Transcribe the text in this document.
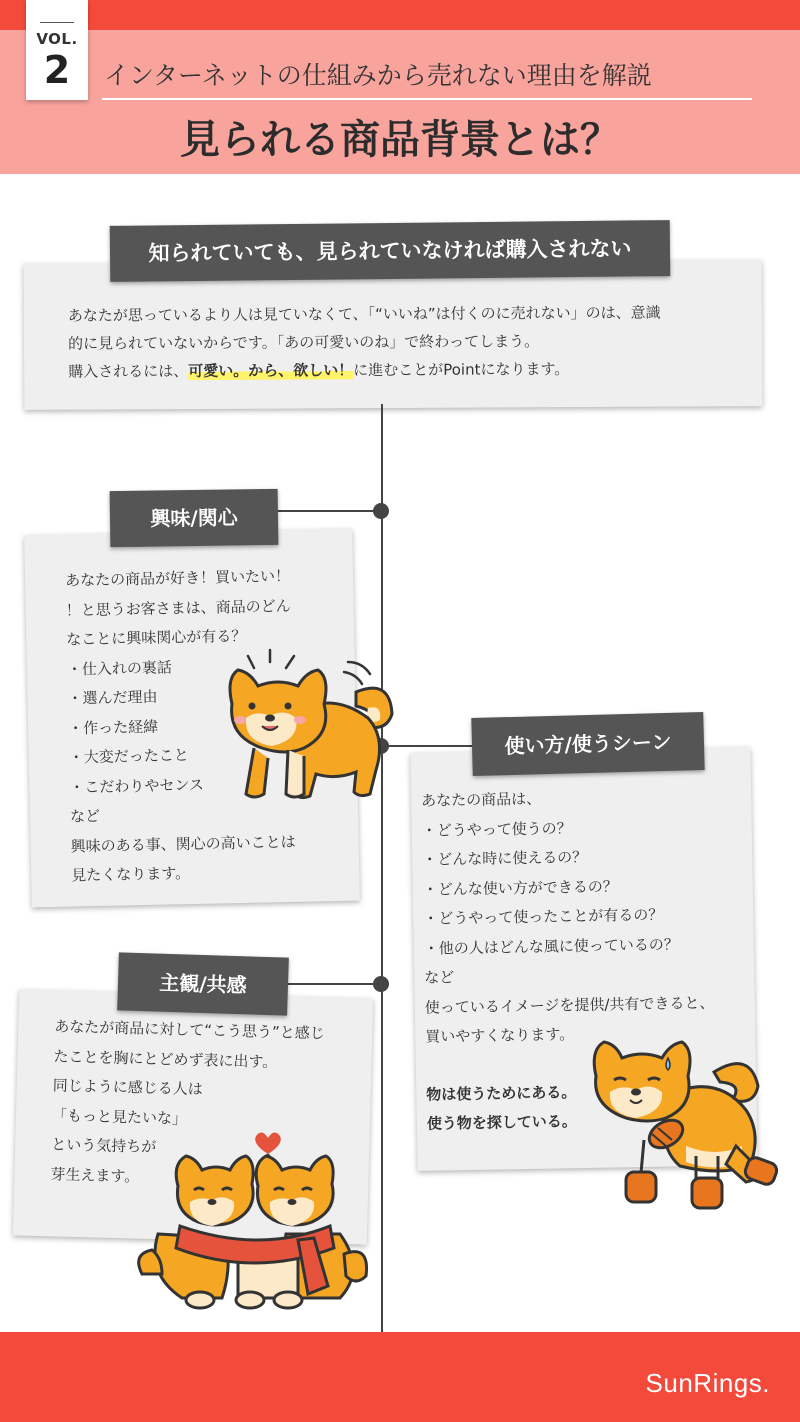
VOL.
2	インターネットの仕組みから売れない理由を解説
見られる商品背景とは？

あなたが思っているより人は見ていなくて、「“いいね”は付くのに売れない」のは、意識

的に見られていないからです。「あの可愛いのね」で終わってしまう。

購入されるには、可愛い。から、欲しい！に進むことがPointになります。

知られていても、見られていなければ購入されない

あなたの商品が好き！買いたい！

！と思うお客さまは、商品のどん

なことに興味関心が有る？

・仕入れの裏話

・選んだ理由

・作った経緯

・大変だったこと

・こだわりやセンス

など

興味のある事、関心の高いことは

見たくなります。

興味/関心

あなたの商品は、

・どうやって使うの？

・どんな時に使えるの？

・どんな使い方ができるの？

・どうやって使ったことが有るの？

・他の人はどんな風に使っているの？

など

使っているイメージを提供/共有できると、

買いやすくなります。

物は使うためにある。

使う物を探している。

使い方/使うシーン

あなたが商品に対して“こう思う”と感じ

たことを胸にとどめず表に出す。

同じように感じる人は

「もっと見たいな」

という気持ちが

芽生えます。

主観/共感
SunRings.
